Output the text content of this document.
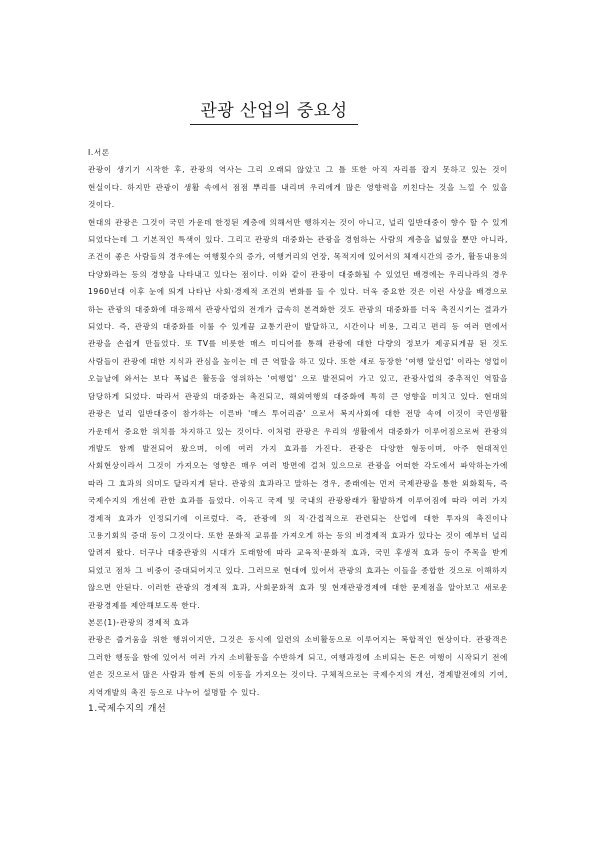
관광 산업의 중요성

Ⅰ.서론

관광이 생기기 시작한 후, 관광의 역사는 그리 오래되 않았고 그 틀 또한 아직 자리를 잡지 못하고 있는 것이 현실이다. 하지만 관광이 생활 속에서 점점 뿌리를 내리며 우리에게 많은 영향력을 끼친다는 것을 느낄 수 있을 것이다.

현대의 관광은 그것이 국민 가운데 한정된 계층에 의해서만 행하지는 것이 아니고, 널리 일반대중이 향수 할 수 있게 되었다는데 그 기본적인 특색이 있다. 그리고 관광의 대중화는 관광을 경험하는 사람의 계층을 넓혔을 뿐만 아니라, 조건이 좋은 사람들의 경우에는 여행횟수의 증가, 여행거리의 연장, 목적지에 있어서의 체재시간의 증가, 활동내용의 다양화라는 등의 경향을 나타내고 있다는 점이다. 이와 같이 관광이 대중화될 수 있었던 배경에는 우리나라의 경우 1960년대 이후 눈에 띄게 나타난 사회·경제적 조건의 변화를 들 수 있다. 더욱 중요한 것은 이런 사상을 배경으로 하는 관광의 대중화에 대응해서 관광사업의 전개가 급속히 본격화한 것도 관광의 대중화를 더욱 촉진시키는 결과가 되었다. 즉, 관광의 대중화를 이룰 수 있게끔 교통기관이 발달하고, 시간이나 비용, 그리고 편리 등 여러 면에서 관광을 손쉽게 만들었다. 또 TV를 비롯한 매스 미디어를 통해 관광에 대한 다량의 정보가 제공되게끔 된 것도 사람들이 관광에 대한 지식과 관심을 높이는 데 큰 역할을 하고 있다. 또한 새로 등장한 '여행 알선업' 이라는 영업이 오늘날에 와서는 보다 폭넓은 활동을 영위하는 '여행업' 으로 발전되어 가고 있고, 관광사업의 중추적인 역할을 담당하게 되었다. 따라서 관광의 대중화는 촉진되고, 해외여행의 대중화에 특히 큰 영향을 미치고 있다. 현대의 관광은 널리 일반대중이 참가하는 이른바 '매스 투어리즘' 으로서 복지사회에 대한 전망 속에 이것이 국민생활 가운데서 중요한 위치를 차지하고 있는 것이다. 이처럼 관광은 우리의 생활에서 대중화가 이루어짐으로써 관광의 개발도 함께 발전되어 왔으며, 이에 여러 가지 효과를 가진다. 관광은 다양한 형동이며, 아주 현대적인 사회현상이라서 그것이 가져오는 영향은 매우 여러 방면에 걸쳐 있으므로 관광을 어떠한 각도에서 파악하는가에 따라 그 효과의 의미도 달라지게 된다. 관광의 효과라고 말하는 경우, 종래에는 먼저 국제관광을 통한 외화획득, 즉 국제수지의 개선에 관한 효과를 들었다. 이윽고 국제 및 국내의 관광왕래가 활발하게 이루어짐에 따라 여러 가지 경제적 효과가 인정되기에 이르렀다. 즉, 관광에 의 직·간접적으로 관련되는 산업에 대한 투자의 촉진이나 고용기회의 증대 등이 그것이다. 또한 문화적 교류를 가져오게 하는 등의 비경제적 효과가 있다는 것이 예부터 널리 알려져 왔다. 더구나 대중관광의 시대가 도래함에 따라 교육적·문화적 효과, 국민 후생적 효과 등이 주목을 받게 되었고 점차 그 비중이 증대되어지고 있다. 그러므로 현대에 있어서 관광의 효과는 이들을 종합한 것으로 이해하지 않으면 안된다. 이러한 관광의 경제적 효과, 사회문화적 효과 및 현재관광경제에 대한 문제점을 알아보고 새로운 관광경제를 제안해보도록 한다.

본론(1)-관광의 경제적 효과

관광은 즐거움을 위한 행위이지만, 그것은 동시에 일련의 소비활동으로 이루어지는 복합적인 현상이다. 관광객은 그러한 행동을 함에 있어서 여러 가지 소비활동을 수반하게 되고, 여행과정에 소비되는 돈은 여행이 시작되기 전에 얻은 것으로서 많은 사람과 함께 돈의 이동을 가져오는 것이다. 구체적으로는 국제수지의 개선, 경제발전에의 기여, 지역개발의 촉진 등으로 나누어 설명할 수 있다.

1.국제수지의 개선
